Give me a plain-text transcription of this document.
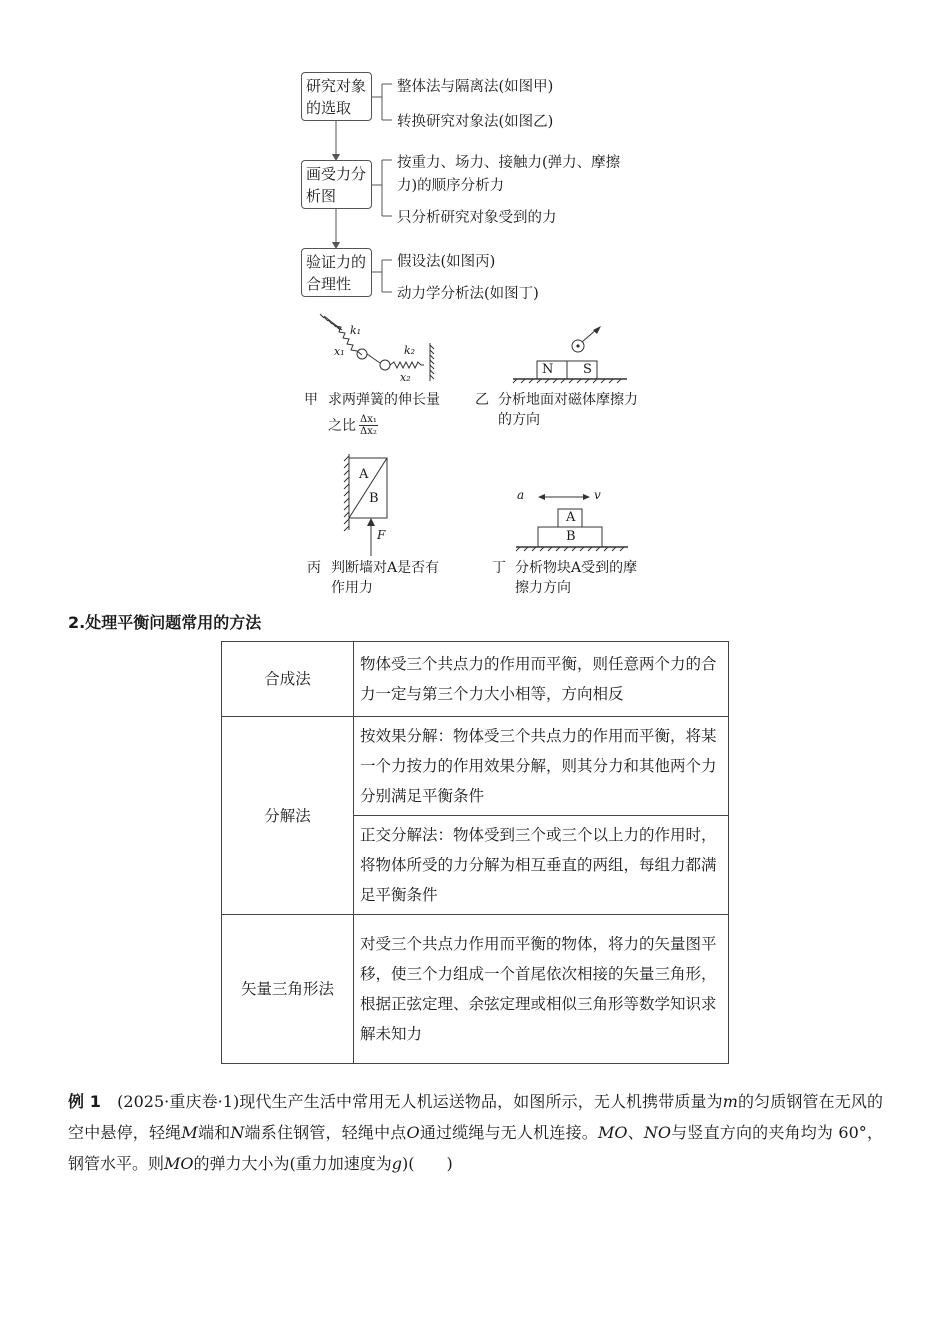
研究对象
的选取
整体法与隔离法(如图甲)
转换研究对象法(如图乙)
画受力分
析图
按重力、场力、接触力(弹力、摩擦
力)的顺序分析力
只分析研究对象受到的力
验证力的
合理性
假设法(如图丙)
动力学分析法(如图丁)
k₁
x₁	k₂
x₂
甲 求两弹簧的伸长量
之比 $\frac{\text{Δx₁}}{\text{Δx₂}}$
N S
乙 分析地面对磁体摩擦力
的方向
A
B
F
丙 判断墙对A是否有
作用力
a	v
A
B
丁 分析物块A受到的摩
擦力方向
2.处理平衡问题常用的方法
合成法	物体受三个共点力的作用而平衡，则任意两个力的合力一定与第三个力大小相等，方向相反
分解法	按效果分解：物体受三个共点力的作用而平衡，将某一个力按力的作用效果分解，则其分力和其他两个力分别满足平衡条件
	正交分解法：物体受到三个或三个以上力的作用时，将物体所受的力分解为相互垂直的两组，每组力都满足平衡条件
矢量三角形法	对受三个共点力作用而平衡的物体，将力的矢量图平移，使三个力组成一个首尾依次相接的矢量三角形，根据正弦定理、余弦定理或相似三角形等数学知识求解未知力
例 1　 (2025·重庆卷·1)现代生产生活中常用无人机运送物品，如图所示，无人机携带质量为m的匀质钢管在无风的空中悬停，轻绳M端和N端系住钢管，轻绳中点O通过缆绳与无人机连接。MO、NO与竖直方向的夹角均为 60°，钢管水平。则MO的弹力大小为(重力加速度为g)(　　)
